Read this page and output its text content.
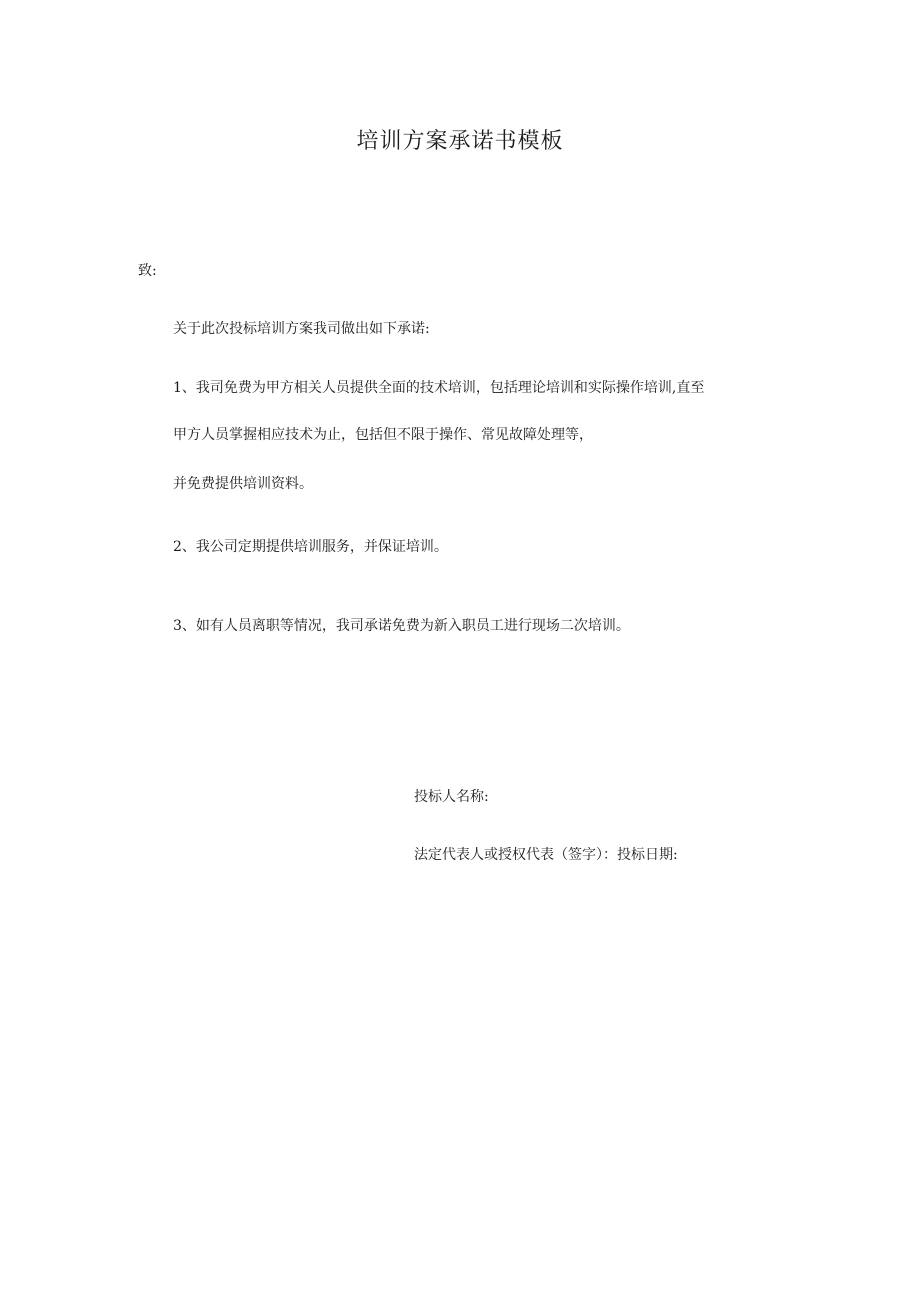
培训方案承诺书模板
致:
关于此次投标培训方案我司做出如下承诺:
1、我司免费为甲方相关人员提供全面的技术培训，包括理论培训和实际操作培训,直至
甲方人员掌握相应技术为止，包括但不限于操作、常见故障处理等，
并免费提供培训资料。
2、我公司定期提供培训服务，并保证培训。
3、如有人员离职等情况，我司承诺免费为新入职员工进行现场二次培训。
投标人名称:
法定代表人或授权代表（签字）：投标日期:
